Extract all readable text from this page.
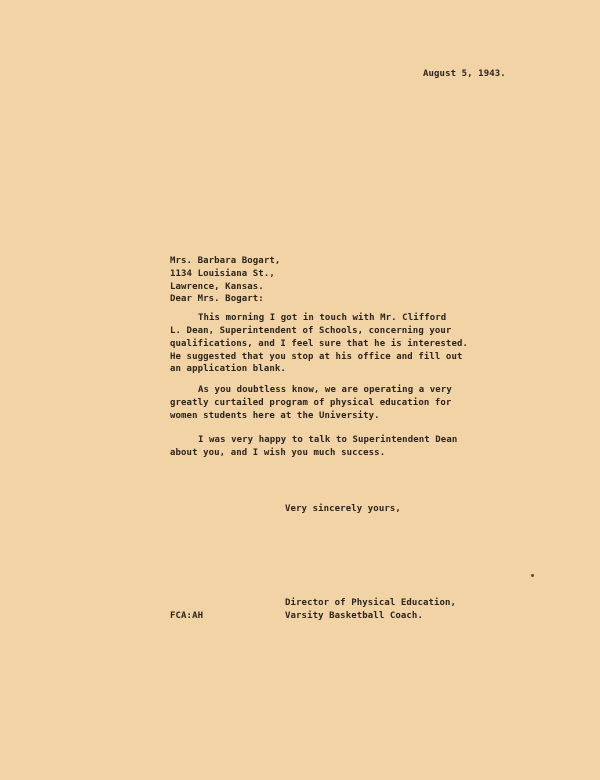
August 5, 1943.

Mrs. Barbara Bogart,

1134 Louisiana St.,

Lawrence, Kansas.

Dear Mrs. Bogart:

This morning I got in touch with Mr. Clifford

L. Dean, Superintendent of Schools, concerning your

qualifications, and I feel sure that he is interested.

He suggested that you stop at his office and fill out

an application blank.

As you doubtless know, we are operating a very

greatly curtailed program of physical education for

women students here at the University.

I was very happy to talk to Superintendent Dean

about you, and I wish you much success.

Very sincerely yours,

FCA:AH

Director of Physical Education,

Varsity Basketball Coach.
